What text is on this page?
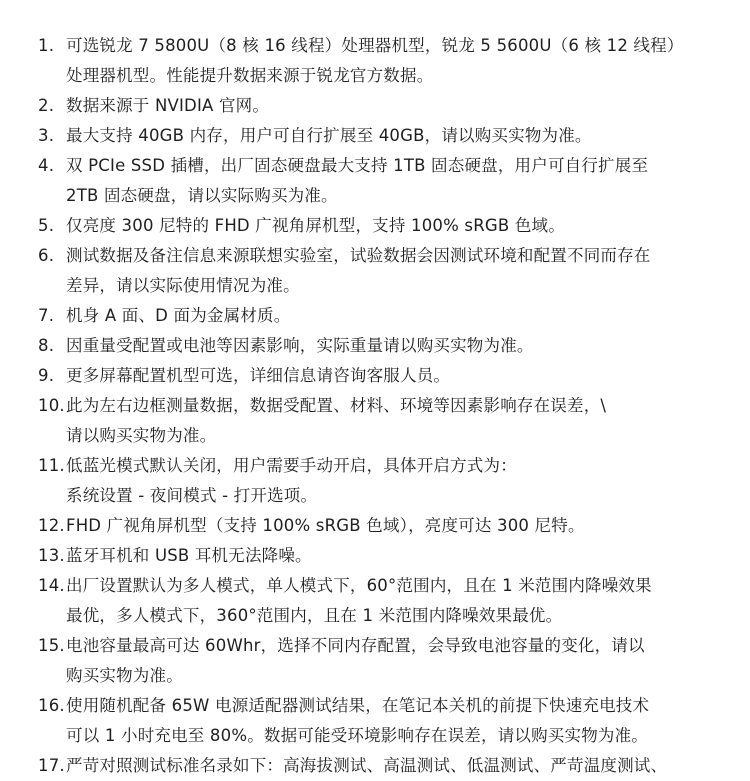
1. 可选锐龙 7 5800U（8 核 16 线程）处理器机型，锐龙 5 5600U（6 核 12 线程）
处理器机型。性能提升数据来源于锐龙官方数据。
2. 数据来源于 NVIDIA 官网。
3. 最大支持 40GB 内存，用户可自行扩展至 40GB，请以购买实物为准。
4. 双 PCIe SSD 插槽，出厂固态硬盘最大支持 1TB 固态硬盘，用户可自行扩展至
2TB 固态硬盘，请以实际购买为准。
5. 仅亮度 300 尼特的 FHD 广视角屏机型，支持 100% sRGB 色域。
6. 测试数据及备注信息来源联想实验室，试验数据会因测试环境和配置不同而存在
差异，请以实际使用情况为准。
7. 机身 A 面、D 面为金属材质。
8. 因重量受配置或电池等因素影响，实际重量请以购买实物为准。
9. 更多屏幕配置机型可选，详细信息请咨询客服人员。
10. 此为左右边框测量数据，数据受配置、材料、环境等因素影响存在误差，\
请以购买实物为准。
11. 低蓝光模式默认关闭，用户需要手动开启，具体开启方式为：
系统设置 - 夜间模式 - 打开选项。
12. FHD 广视角屏机型（支持 100% sRGB 色域），亮度可达 300 尼特。
13. 蓝牙耳机和 USB 耳机无法降噪。
14. 出厂设置默认为多人模式，单人模式下，60°范围内，且在 1 米范围内降噪效果
最优，多人模式下，360°范围内，且在 1 米范围内降噪效果最优。
15. 电池容量最高可达 60Whr，选择不同内存配置，会导致电池容量的变化，请以
购买实物为准。
16. 使用随机配备 65W 电源适配器测试结果，在笔记本关机的前提下快速充电技术
可以 1 小时充电至 80%。数据可能受环境影响存在误差，请以购买实物为准。
17. 严苛对照测试标准名录如下：高海拔测试、高温测试、低温测试、严苛温度测试、
